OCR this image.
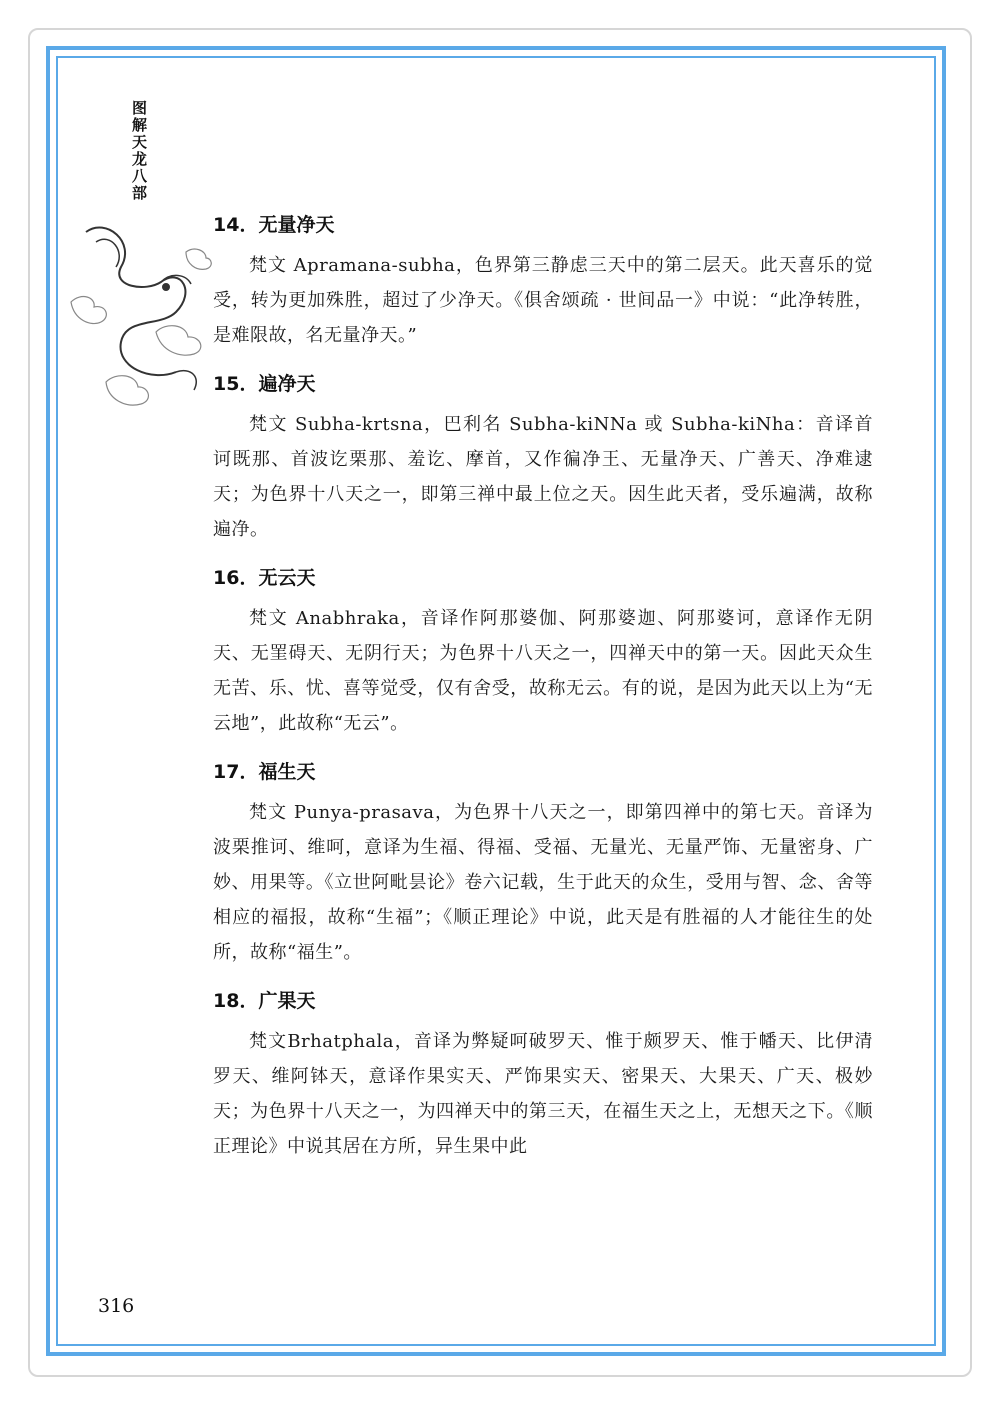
图解天龙八部
14．无量净天

梵文 Apramana-subha，色界第三静虑三天中的第二层天。此天喜乐的觉受，转为更加殊胜，超过了少净天。《俱舍颂疏 · 世间品一》中说：“此净转胜，是难限故，名无量净天。”

15．遍净天

梵文 Subha-krtsna，巴利名 Subha-kiNNa 或 Subha-kiNha：音译首诃既那、首波讫栗那、羞讫、摩首，又作徧净王、无量净天、广善天、净难逮天；为色界十八天之一，即第三禅中最上位之天。因生此天者，受乐遍满，故称遍净。

16．无云天

梵文 Anabhraka，音译作阿那婆伽、阿那婆迦、阿那婆诃，意译作无阴天、无罣碍天、无阴行天；为色界十八天之一，四禅天中的第一天。因此天众生无苦、乐、忧、喜等觉受，仅有舍受，故称无云。有的说，是因为此天以上为“无云地”，此故称“无云”。

17．福生天

梵文 Punya-prasava，为色界十八天之一，即第四禅中的第七天。音译为波栗推诃、维呵，意译为生福、得福、受福、无量光、无量严饰、无量密身、广妙、用果等。《立世阿毗昙论》卷六记载，生于此天的众生，受用与智、念、舍等相应的福报，故称“生福”；《顺正理论》中说，此天是有胜福的人才能往生的处所，故称“福生”。

18．广果天

梵文Brhatphala，音译为弊疑呵破罗天、惟于颇罗天、惟于幡天、比伊清罗天、维阿钵天，意译作果实天、严饰果实天、密果天、大果天、广天、极妙天；为色界十八天之一，为四禅天中的第三天，在福生天之上，无想天之下。《顺正理论》中说其居在方所，异生果中此

316
